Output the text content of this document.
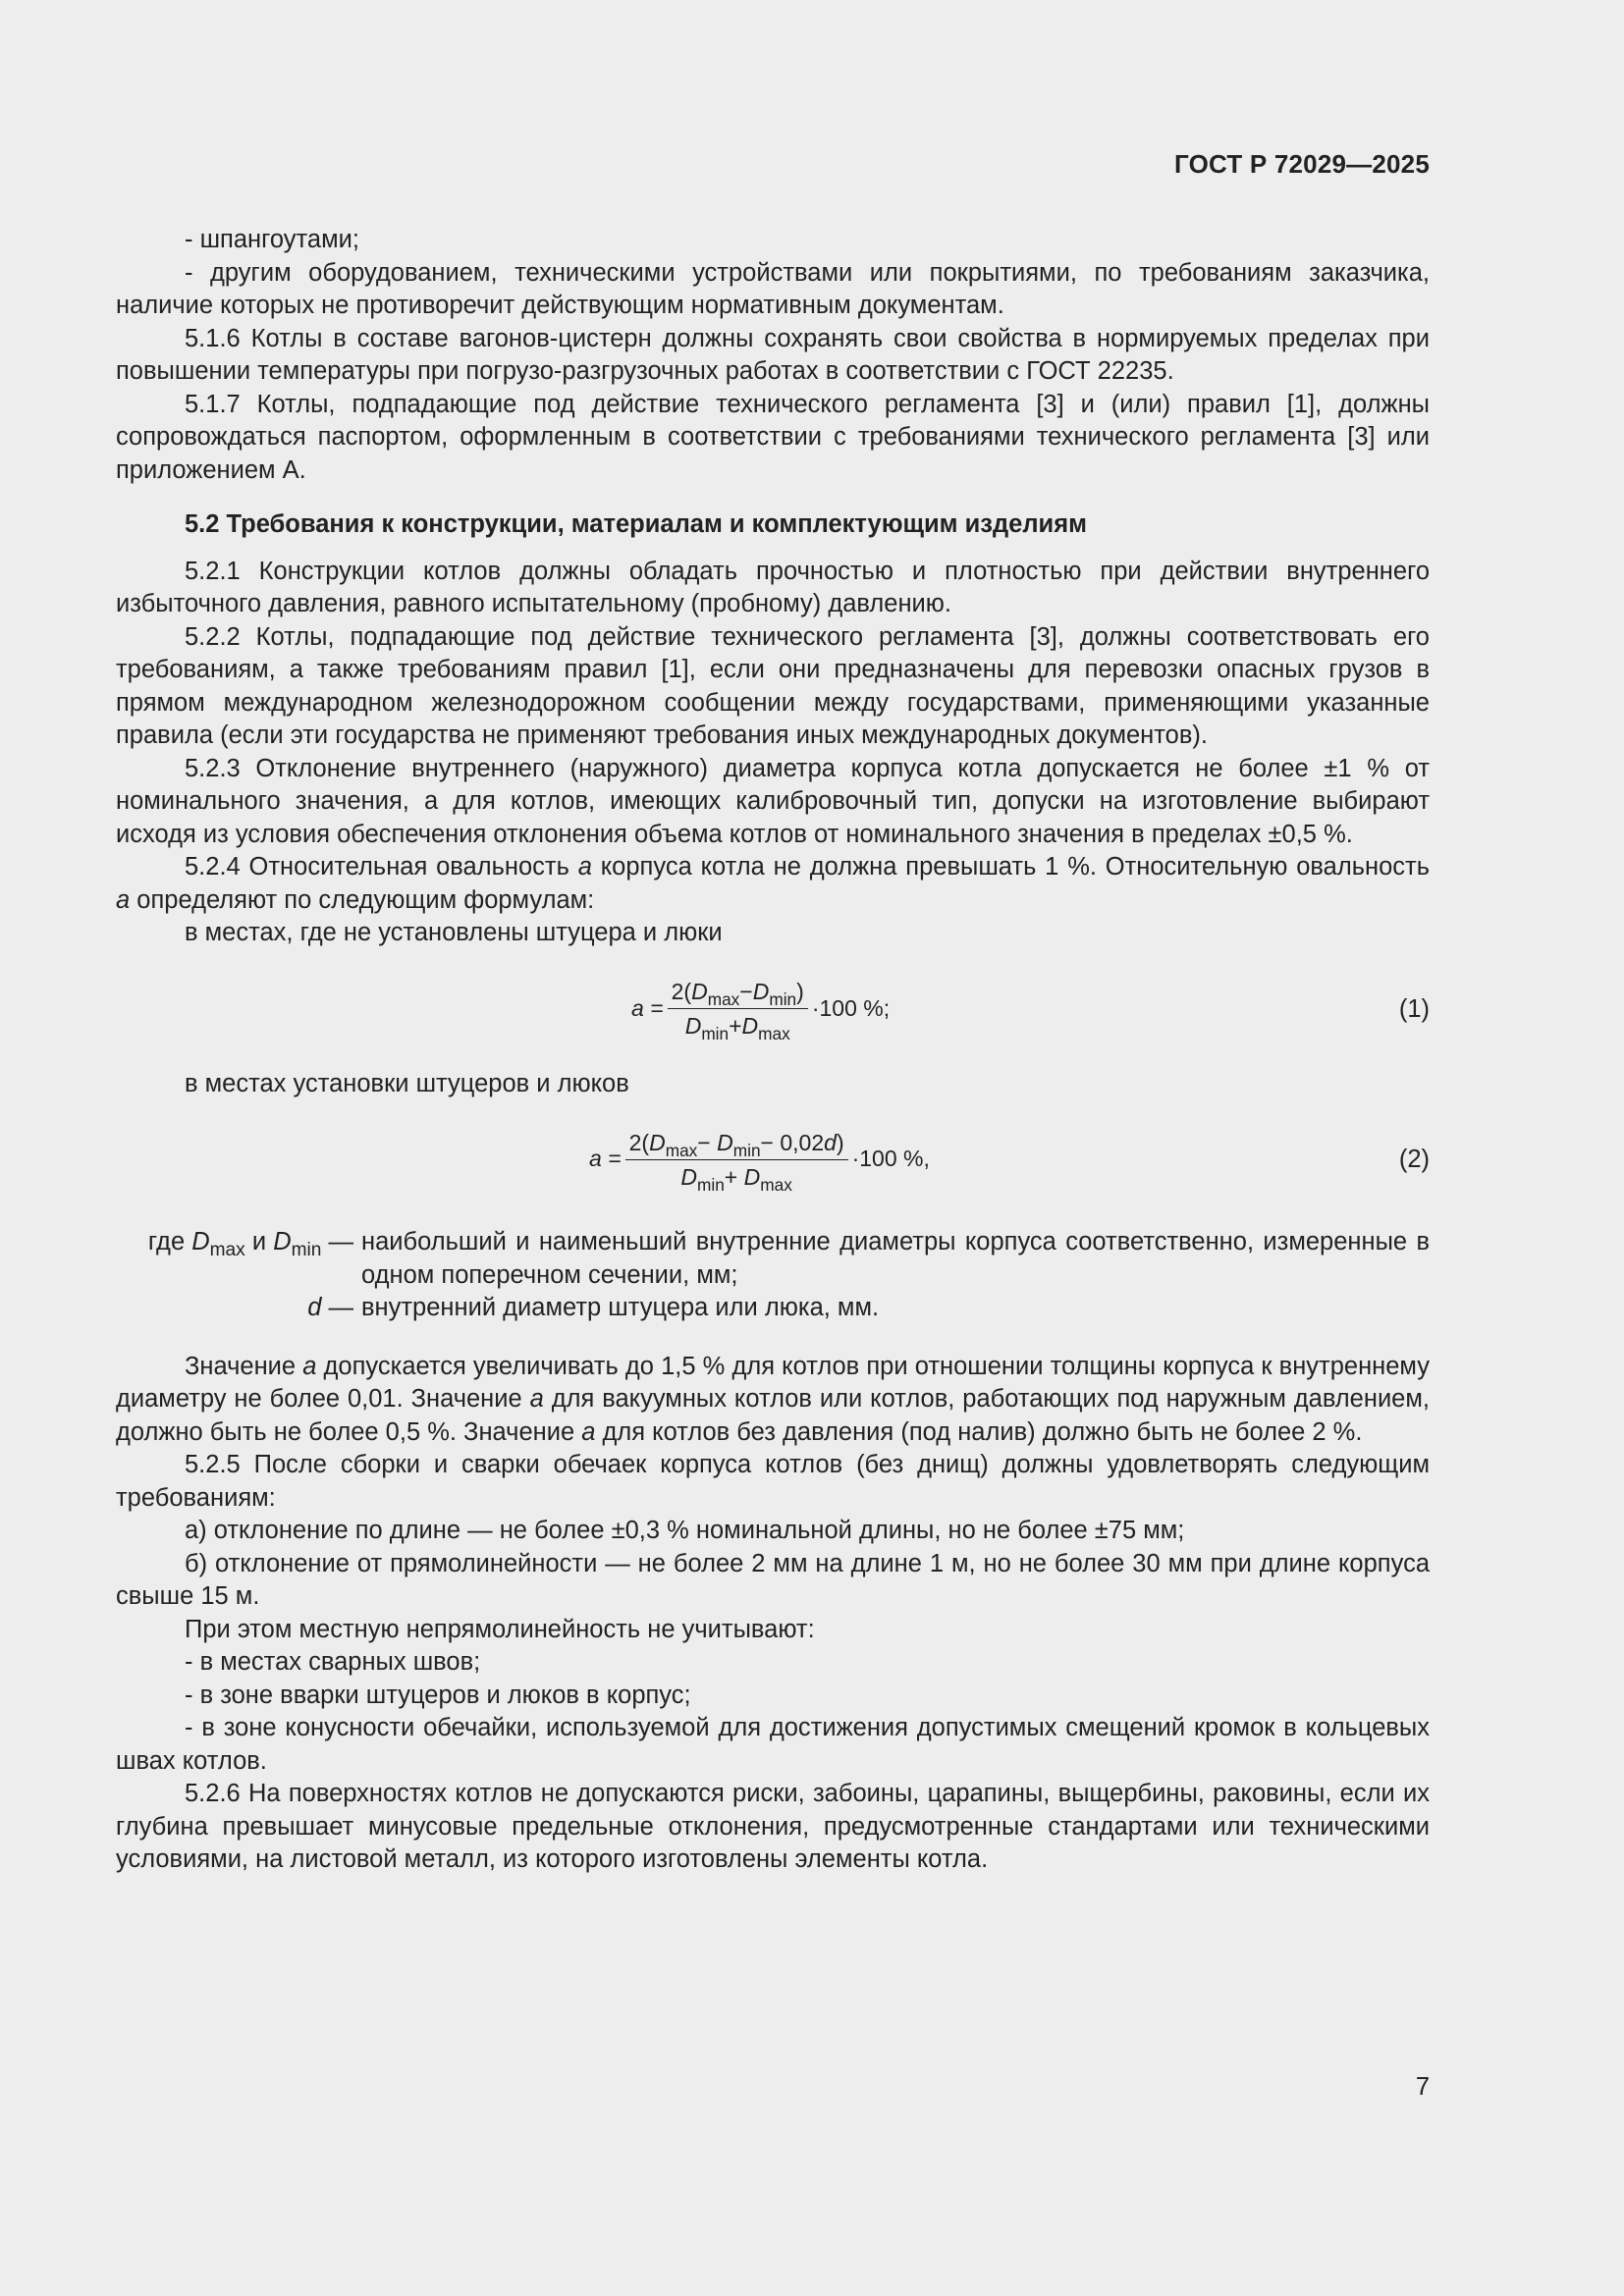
ГОСТ Р 72029—2025

- шпангоутами;

- другим оборудованием, техническими устройствами или покрытиями, по требованиям заказчика, наличие которых не противоречит действующим нормативным документам.

5.1.6 Котлы в составе вагонов-цистерн должны сохранять свои свойства в нормируемых пределах при повышении температуры при погрузо-разгрузочных работах в соответствии с ГОСТ 22235.

5.1.7 Котлы, подпадающие под действие технического регламента [3] и (или) правил [1], должны сопровождаться паспортом, оформленным в соответствии с требованиями технического регламента [3] или приложением А.

5.2 Требования к конструкции, материалам и комплектующим изделиям

5.2.1 Конструкции котлов должны обладать прочностью и плотностью при действии внутреннего избыточного давления, равного испытательному (пробному) давлению.

5.2.2 Котлы, подпадающие под действие технического регламента [3], должны соответствовать его требованиям, а также требованиям правил [1], если они предназначены для перевозки опасных грузов в прямом международном железнодорожном сообщении между государствами, применяющими указанные правила (если эти государства не применяют требования иных международных документов).

5.2.3 Отклонение внутреннего (наружного) диаметра корпуса котла допускается не более ±1 % от номинального значения, а для котлов, имеющих калибровочный тип, допуски на изготовление выбирают исходя из условия обеспечения отклонения объема котлов от номинального значения в пределах ±0,5 %.

5.2.4 Относительная овальность a корпуса котла не должна превышать 1 %. Относительную овальность a определяют по следующим формулам:

в местах, где не установлены штуцера и люки

$a = \frac{2(D_{max}-D_{min})}{D_{min}+D_{max}} \cdot 100$ %;	(1)

в местах установки штуцеров и люков

$a = \frac{2(D_{max}- D_{min}- 0,02d)}{D_{min}+ D_{max}} \cdot 100$ %,	(2)
где $D_{max}$ и $D_{min}$ — наибольший и наименьший внутренние диаметры корпуса соответственно, измеренные в одном поперечном сечении, мм;
d — внутренний диаметр штуцера или люка, мм.

Значение a допускается увеличивать до 1,5 % для котлов при отношении толщины корпуса к внутреннему диаметру не более 0,01. Значение a для вакуумных котлов или котлов, работающих под наружным давлением, должно быть не более 0,5 %. Значение a для котлов без давления (под налив) должно быть не более 2 %.

5.2.5 После сборки и сварки обечаек корпуса котлов (без днищ) должны удовлетворять следующим требованиям:

а) отклонение по длине — не более ±0,3 % номинальной длины, но не более ±75 мм;

б) отклонение от прямолинейности — не более 2 мм на длине 1 м, но не более 30 мм при длине корпуса свыше 15 м.

При этом местную непрямолинейность не учитывают:

- в местах сварных швов;

- в зоне вварки штуцеров и люков в корпус;

- в зоне конусности обечайки, используемой для достижения допустимых смещений кромок в кольцевых швах котлов.

5.2.6 На поверхностях котлов не допускаются риски, забоины, царапины, выщербины, раковины, если их глубина превышает минусовые предельные отклонения, предусмотренные стандартами или техническими условиями, на листовой металл, из которого изготовлены элементы котла.

7
